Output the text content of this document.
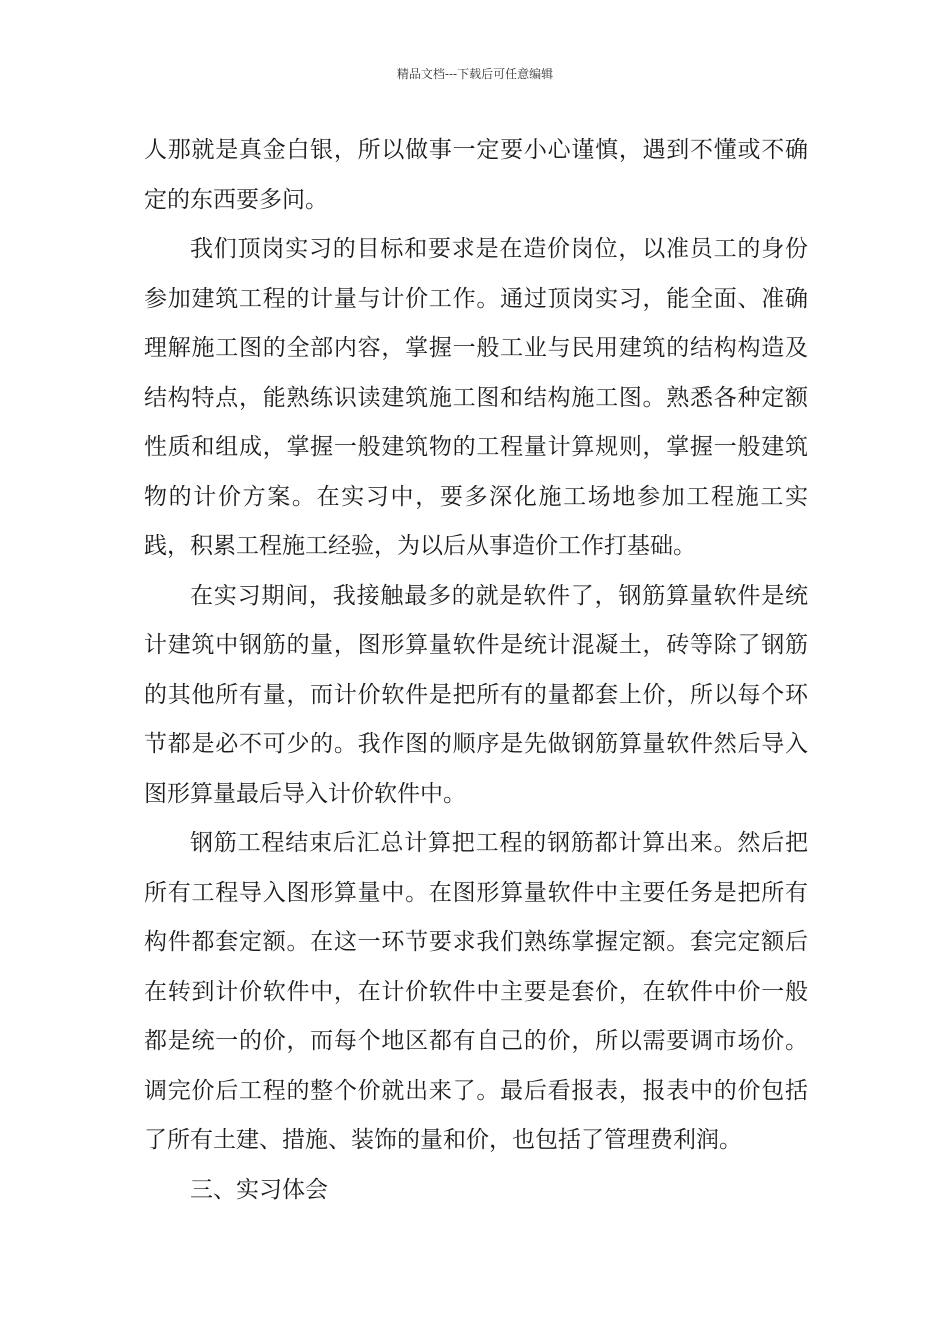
精品文档---下载后可任意编辑

人那就是真金白银，所以做事一定要小心谨慎，遇到不懂或不确定的东西要多问。

我们顶岗实习的目标和要求是在造价岗位，以准员工的身份参加建筑工程的计量与计价工作。通过顶岗实习，能全面、准确理解施工图的全部内容，掌握一般工业与民用建筑的结构构造及结构特点，能熟练识读建筑施工图和结构施工图。熟悉各种定额性质和组成，掌握一般建筑物的工程量计算规则，掌握一般建筑物的计价方案。在实习中，要多深化施工场地参加工程施工实践，积累工程施工经验，为以后从事造价工作打基础。

在实习期间，我接触最多的就是软件了，钢筋算量软件是统计建筑中钢筋的量，图形算量软件是统计混凝土，砖等除了钢筋的其他所有量，而计价软件是把所有的量都套上价，所以每个环节都是必不可少的。我作图的顺序是先做钢筋算量软件然后导入图形算量最后导入计价软件中。

钢筋工程结束后汇总计算把工程的钢筋都计算出来。然后把所有工程导入图形算量中。在图形算量软件中主要任务是把所有构件都套定额。在这一环节要求我们熟练掌握定额。套完定额后在转到计价软件中，在计价软件中主要是套价，在软件中价一般都是统一的价，而每个地区都有自己的价，所以需要调市场价。调完价后工程的整个价就出来了。最后看报表，报表中的价包括了所有土建、措施、装饰的量和价，也包括了管理费利润。

三、实习体会
